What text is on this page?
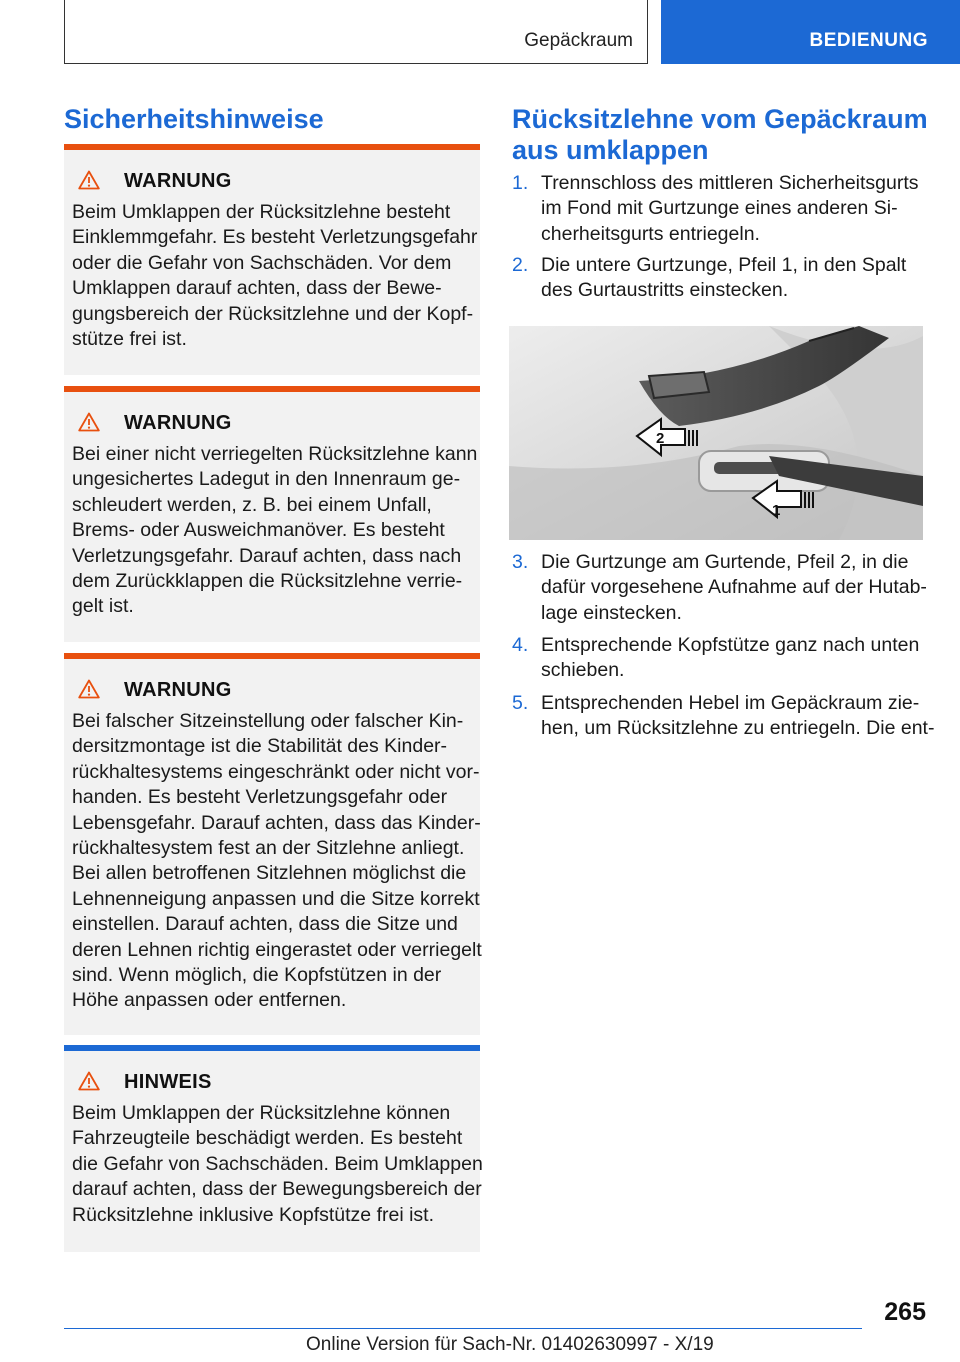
Gepäckraum	BEDIENUNG
Sicherheitshinweise
WARNUNG
Beim Umklappen der Rücksitzlehne besteht
Einklemmgefahr. Es besteht Verletzungsgefahr
oder die Gefahr von Sachschäden. Vor dem
Umklappen darauf achten, dass der Bewe-
gungsbereich der Rücksitzlehne und der Kopf-
stütze frei ist.
WARNUNG
Bei einer nicht verriegelten Rücksitzlehne kann
ungesichertes Ladegut in den Innenraum ge-
schleudert werden, z. B. bei einem Unfall,
Brems- oder Ausweichmanöver. Es besteht
Verletzungsgefahr. Darauf achten, dass nach
dem Zurückklappen die Rücksitzlehne verrie-
gelt ist.
WARNUNG
Bei falscher Sitzeinstellung oder falscher Kin-
dersitzmontage ist die Stabilität des Kinder-
rückhaltesystems eingeschränkt oder nicht vor-
handen. Es besteht Verletzungsgefahr oder
Lebensgefahr. Darauf achten, dass das Kinder-
rückhaltesystem fest an der Sitzlehne anliegt.
Bei allen betroffenen Sitzlehnen möglichst die
Lehnenneigung anpassen und die Sitze korrekt
einstellen. Darauf achten, dass die Sitze und
deren Lehnen richtig eingerastet oder verriegelt
sind. Wenn möglich, die Kopfstützen in der
Höhe anpassen oder entfernen.
HINWEIS
Beim Umklappen der Rücksitzlehne können
Fahrzeugteile beschädigt werden. Es besteht
die Gefahr von Sachschäden. Beim Umklappen
darauf achten, dass der Bewegungsbereich der
Rücksitzlehne inklusive Kopfstütze frei ist.
Rücksitzlehne vom Gepäckraum
aus umklappen
1. Trennschloss des mittleren Sicherheitsgurts
im Fond mit Gurtzunge eines anderen Si-
cherheitsgurts entriegeln.
2. Die untere Gurtzunge, Pfeil 1, in den Spalt
des Gurtaustritts einstecken.
2
1
3. Die Gurtzunge am Gurtende, Pfeil 2, in die
dafür vorgesehene Aufnahme auf der Hutab-
lage einstecken.
4. Entsprechende Kopfstütze ganz nach unten
schieben.
5. Entsprechenden Hebel im Gepäckraum zie-
hen, um Rücksitzlehne zu entriegeln. Die ent-
265
Online Version für Sach-Nr. 01402630997 - X/19
